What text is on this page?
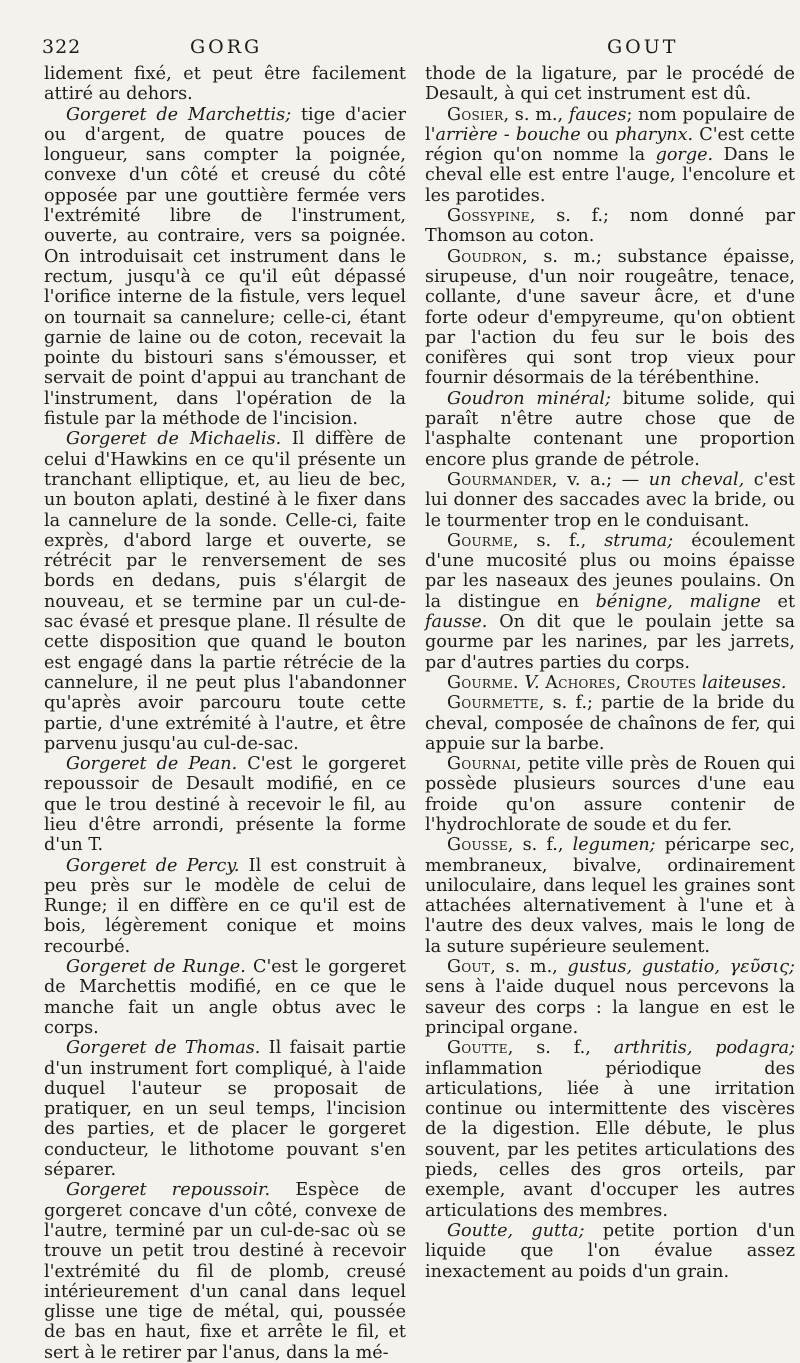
322	GORG	GOUT

lidement fixé, et peut être facilement attiré au dehors.

Gorgeret de Marchettis; tige d'acier ou d'argent, de quatre pouces de longueur, sans compter la poignée, convexe d'un côté et creusé du côté opposée par une gouttière fermée vers l'extrémité libre de l'instrument, ouverte, au contraire, vers sa poignée. On introduisait cet instrument dans le rectum, jusqu'à ce qu'il eût dépassé l'orifice interne de la fistule, vers lequel on tournait sa cannelure; celle-ci, étant garnie de laine ou de coton, recevait la pointe du bistouri sans s'émousser, et servait de point d'appui au tranchant de l'instrument, dans l'opération de la fistule par la méthode de l'incision.

Gorgeret de Michaelis. Il diffère de celui d'Hawkins en ce qu'il présente un tranchant elliptique, et, au lieu de bec, un bouton aplati, destiné à le fixer dans la cannelure de la sonde. Celle-ci, faite exprès, d'abord large et ouverte, se rétrécit par le renversement de ses bords en dedans, puis s'élargit de nouveau, et se termine par un cul-de-sac évasé et presque plane. Il résulte de cette disposition que quand le bouton est engagé dans la partie rétrécie de la cannelure, il ne peut plus l'abandonner qu'après avoir parcouru toute cette partie, d'une extrémité à l'autre, et être parvenu jusqu'au cul-de-sac.

Gorgeret de Pean. C'est le gorgeret repoussoir de Desault modifié, en ce que le trou destiné à recevoir le fil, au lieu d'être arrondi, présente la forme d'un T.

Gorgeret de Percy. Il est construit à peu près sur le modèle de celui de Runge; il en diffère en ce qu'il est de bois, légèrement conique et moins recourbé.

Gorgeret de Runge. C'est le gorgeret de Marchettis modifié, en ce que le manche fait un angle obtus avec le corps.

Gorgeret de Thomas. Il faisait partie d'un instrument fort compliqué, à l'aide duquel l'auteur se proposait de pratiquer, en un seul temps, l'incision des parties, et de placer le gorgeret conducteur, le lithotome pouvant s'en séparer.

Gorgeret repoussoir. Espèce de gorgeret concave d'un côté, convexe de l'autre, terminé par un cul-de-sac où se trouve un petit trou destiné à recevoir l'extrémité du fil de plomb, creusé intérieurement d'un canal dans lequel glisse une tige de métal, qui, poussée de bas en haut, fixe et arrête le fil, et sert à le retirer par l'anus, dans la mé-

thode de la ligature, par le procédé de Desault, à qui cet instrument est dû.

Gosier, s. m., fauces; nom populaire de l'arrière - bouche ou pharynx. C'est cette région qu'on nomme la gorge. Dans le cheval elle est entre l'auge, l'encolure et les parotides.

Gossypine, s. f.; nom donné par Thomson au coton.

Goudron, s. m.; substance épaisse, sirupeuse, d'un noir rougeâtre, tenace, collante, d'une saveur âcre, et d'une forte odeur d'empyreume, qu'on obtient par l'action du feu sur le bois des conifères qui sont trop vieux pour fournir désormais de la térébenthine.

Goudron minéral; bitume solide, qui paraît n'être autre chose que de l'asphalte contenant une proportion encore plus grande de pétrole.

Gourmander, v. a.; — un cheval, c'est lui donner des saccades avec la bride, ou le tourmenter trop en le conduisant.

Gourme, s. f., struma; écoulement d'une mucosité plus ou moins épaisse par les naseaux des jeunes poulains. On la distingue en bénigne, maligne et fausse. On dit que le poulain jette sa gourme par les narines, par les jarrets, par d'autres parties du corps.

Gourme. V. Achores, Croutes laiteuses.

Gourmette, s. f.; partie de la bride du cheval, composée de chaînons de fer, qui appuie sur la barbe.

Gournai, petite ville près de Rouen qui possède plusieurs sources d'une eau froide qu'on assure contenir de l'hydrochlorate de soude et du fer.

Gousse, s. f., legumen; péricarpe sec, membraneux, bivalve, ordinairement uniloculaire, dans lequel les graines sont attachées alternativement à l'une et à l'autre des deux valves, mais le long de la suture supérieure seulement.

Gout, s. m., gustus, gustatio, γεῦσις; sens à l'aide duquel nous percevons la saveur des corps : la langue en est le principal organe.

Goutte, s. f., arthritis, podagra; inflammation périodique des articulations, liée à une irritation continue ou intermittente des viscères de la digestion. Elle débute, le plus souvent, par les petites articulations des pieds, celles des gros orteils, par exemple, avant d'occuper les autres articulations des membres.

Goutte, gutta; petite portion d'un liquide que l'on évalue assez inexactement au poids d'un grain.
